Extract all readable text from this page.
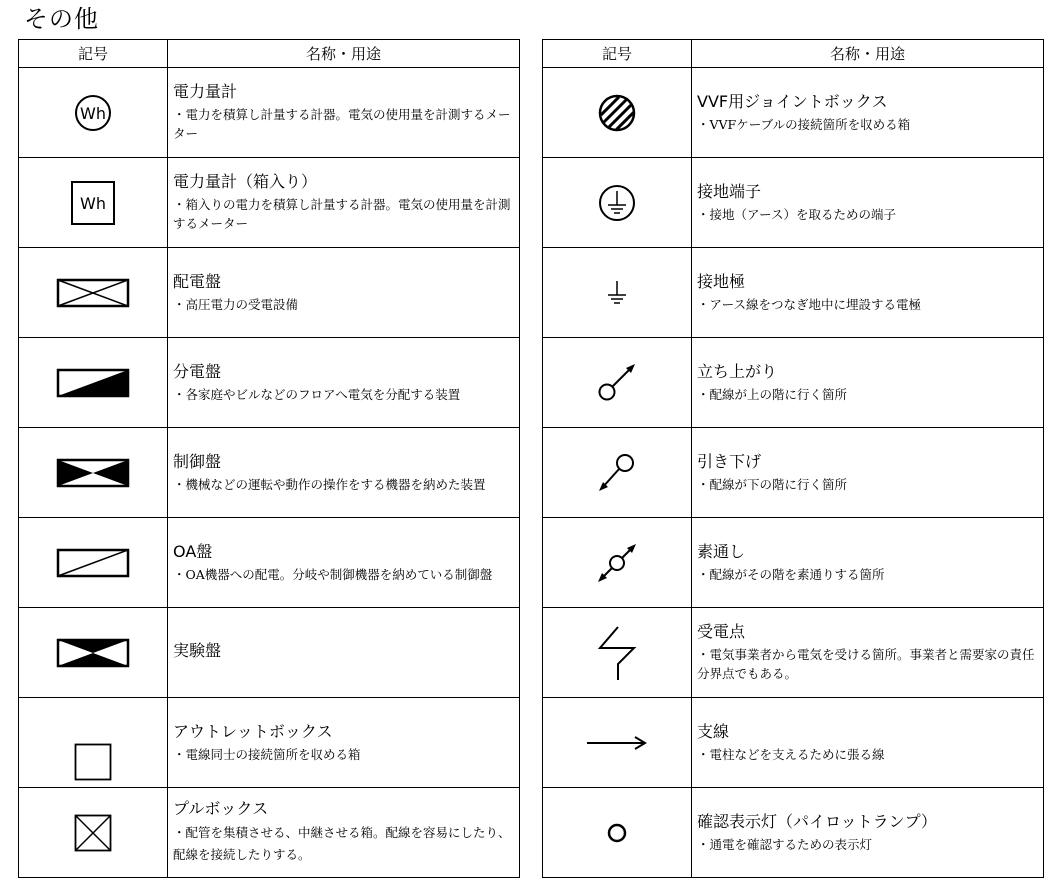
その他
記号	名称・用途

Wh	電力量計
・電力を積算し計量する計器。電気の使用量を計測するメーター

Wh	電力量計（箱入り）
・箱入りの電力を積算し計量する計器。電気の使用量を計測するメーター

配電盤
・高圧電力の受電設備

分電盤
・各家庭やビルなどのフロアへ電気を分配する装置

制御盤
・機械などの運転や動作の操作をする機器を納めた装置

OA盤
・OA機器への配電。分岐や制御機器を納めている制御盤

実験盤

アウトレットボックス
・電線同士の接続箇所を収める箱

プルボックス
・配管を集積させる、中継させる箱。配線を容易にしたり、配線を接続したりする。
記号	名称・用途

VVF用ジョイントボックス
・VVFケーブルの接続箇所を収める箱

接地端子
・接地（アース）を取るための端子

接地極
・アース線をつなぎ地中に埋設する電極

立ち上がり
・配線が上の階に行く箇所

引き下げ
・配線が下の階に行く箇所

素通し
・配線がその階を素通りする箇所

受電点
・電気事業者から電気を受ける箇所。事業者と需要家の責任分界点でもある。

支線
・電柱などを支えるために張る線

確認表示灯（パイロットランプ）
・通電を確認するための表示灯
